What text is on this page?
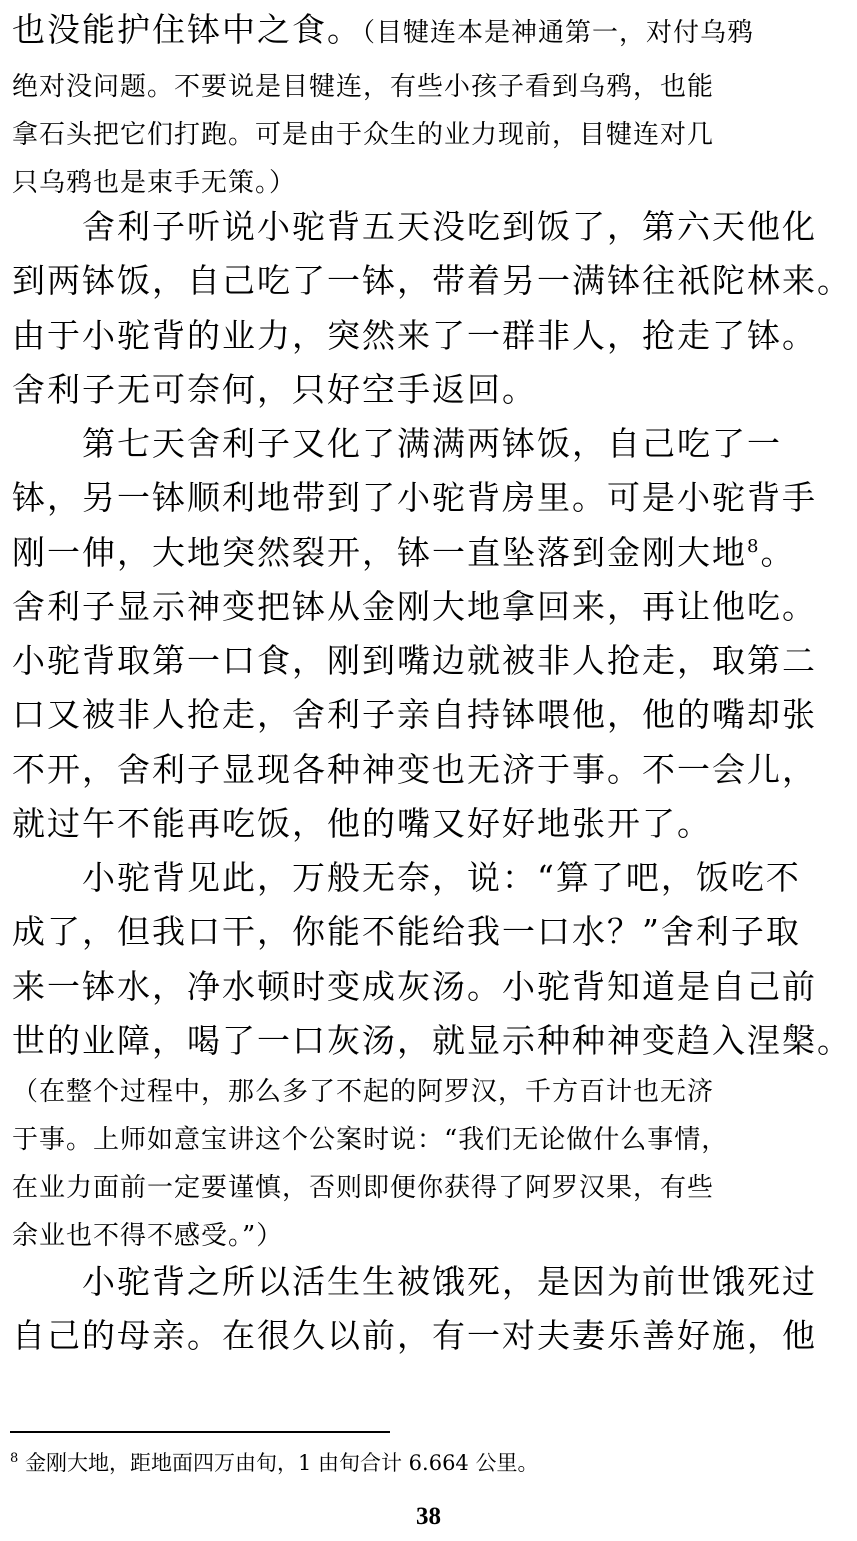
也没能护住钵中之食。（目犍连本是神通第一，对付乌鸦
绝对没问题。不要说是目犍连，有些小孩子看到乌鸦，也能
拿石头把它们打跑。可是由于众生的业力现前，目犍连对几
只乌鸦也是束手无策。）
舍利子听说小驼背五天没吃到饭了，第六天他化
到两钵饭，自己吃了一钵，带着另一满钵往祇陀林来。
由于小驼背的业力，突然来了一群非人，抢走了钵。
舍利子无可奈何，只好空手返回。
第七天舍利子又化了满满两钵饭，自己吃了一
钵，另一钵顺利地带到了小驼背房里。可是小驼背手
刚一伸，大地突然裂开，钵一直坠落到金刚大地$^8$。
舍利子显示神变把钵从金刚大地拿回来，再让他吃。
小驼背取第一口食，刚到嘴边就被非人抢走，取第二
口又被非人抢走，舍利子亲自持钵喂他，他的嘴却张
不开，舍利子显现各种神变也无济于事。不一会儿，
就过午不能再吃饭，他的嘴又好好地张开了。
小驼背见此，万般无奈，说：“算了吧，饭吃不
成了，但我口干，你能不能给我一口水？”舍利子取
来一钵水，净水顿时变成灰汤。小驼背知道是自己前
世的业障，喝了一口灰汤，就显示种种神变趋入涅槃。
（在整个过程中，那么多了不起的阿罗汉，千方百计也无济
于事。上师如意宝讲这个公案时说：“我们无论做什么事情，
在业力面前一定要谨慎，否则即便你获得了阿罗汉果，有些
余业也不得不感受。”）
小驼背之所以活生生被饿死，是因为前世饿死过
自己的母亲。在很久以前，有一对夫妻乐善好施，他
$^8$ 金刚大地，距地面四万由旬，1 由旬合计 6.664 公里。
38
